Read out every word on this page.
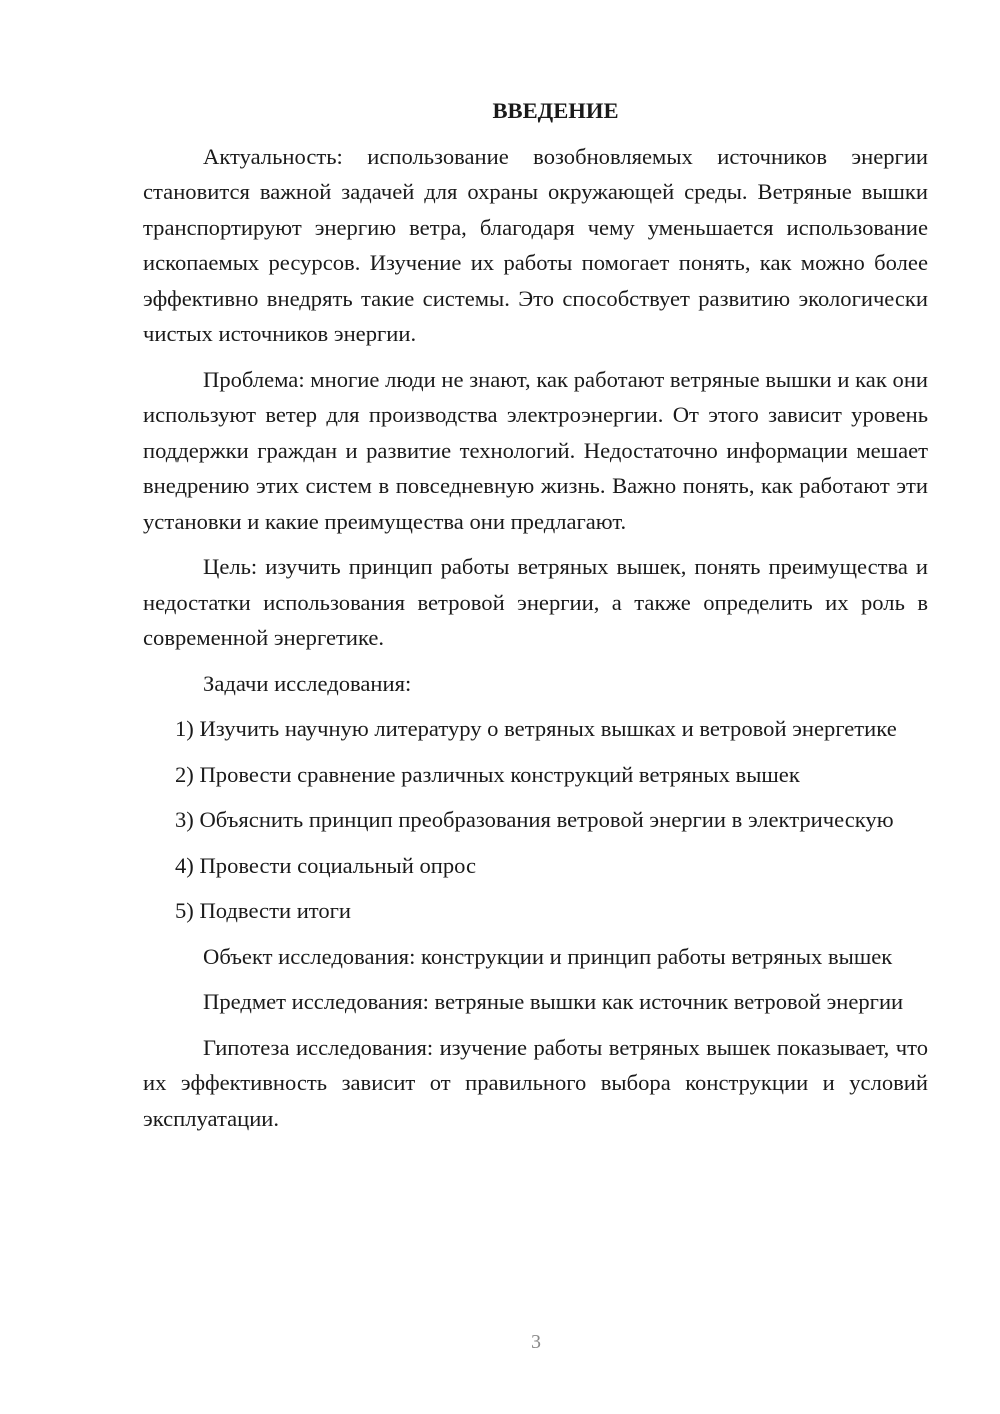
ВВЕДЕНИЕ

Актуальность: использование возобновляемых источников энергии становится важной задачей для охраны окружающей среды. Ветряные вышки транспортируют энергию ветра, благодаря чему уменьшается использование ископаемых ресурсов. Изучение их работы помогает понять, как можно более эффективно внедрять такие системы. Это способствует развитию экологически чистых источников энергии.

Проблема: многие люди не знают, как работают ветряные вышки и как они используют ветер для производства электроэнергии. От этого зависит уровень поддержки граждан и развитие технологий. Недостаточно информации мешает внедрению этих систем в повседневную жизнь. Важно понять, как работают эти установки и какие преимущества они предлагают.

Цель: изучить принцип работы ветряных вышек, понять преимущества и недостатки использования ветровой энергии, а также определить их роль в современной энергетике.

Задачи исследования:

1) Изучить научную литературу о ветряных вышках и ветровой энергетике

2) Провести сравнение различных конструкций ветряных вышек

3) Объяснить принцип преобразования ветровой энергии в электрическую

4) Провести социальный опрос

5) Подвести итоги

Объект исследования: конструкции и принцип работы ветряных вышек

Предмет исследования: ветряные вышки как источник ветровой энергии

Гипотеза исследования: изучение работы ветряных вышек показывает, что их эффективность зависит от правильного выбора конструкции и условий эксплуатации.

3
